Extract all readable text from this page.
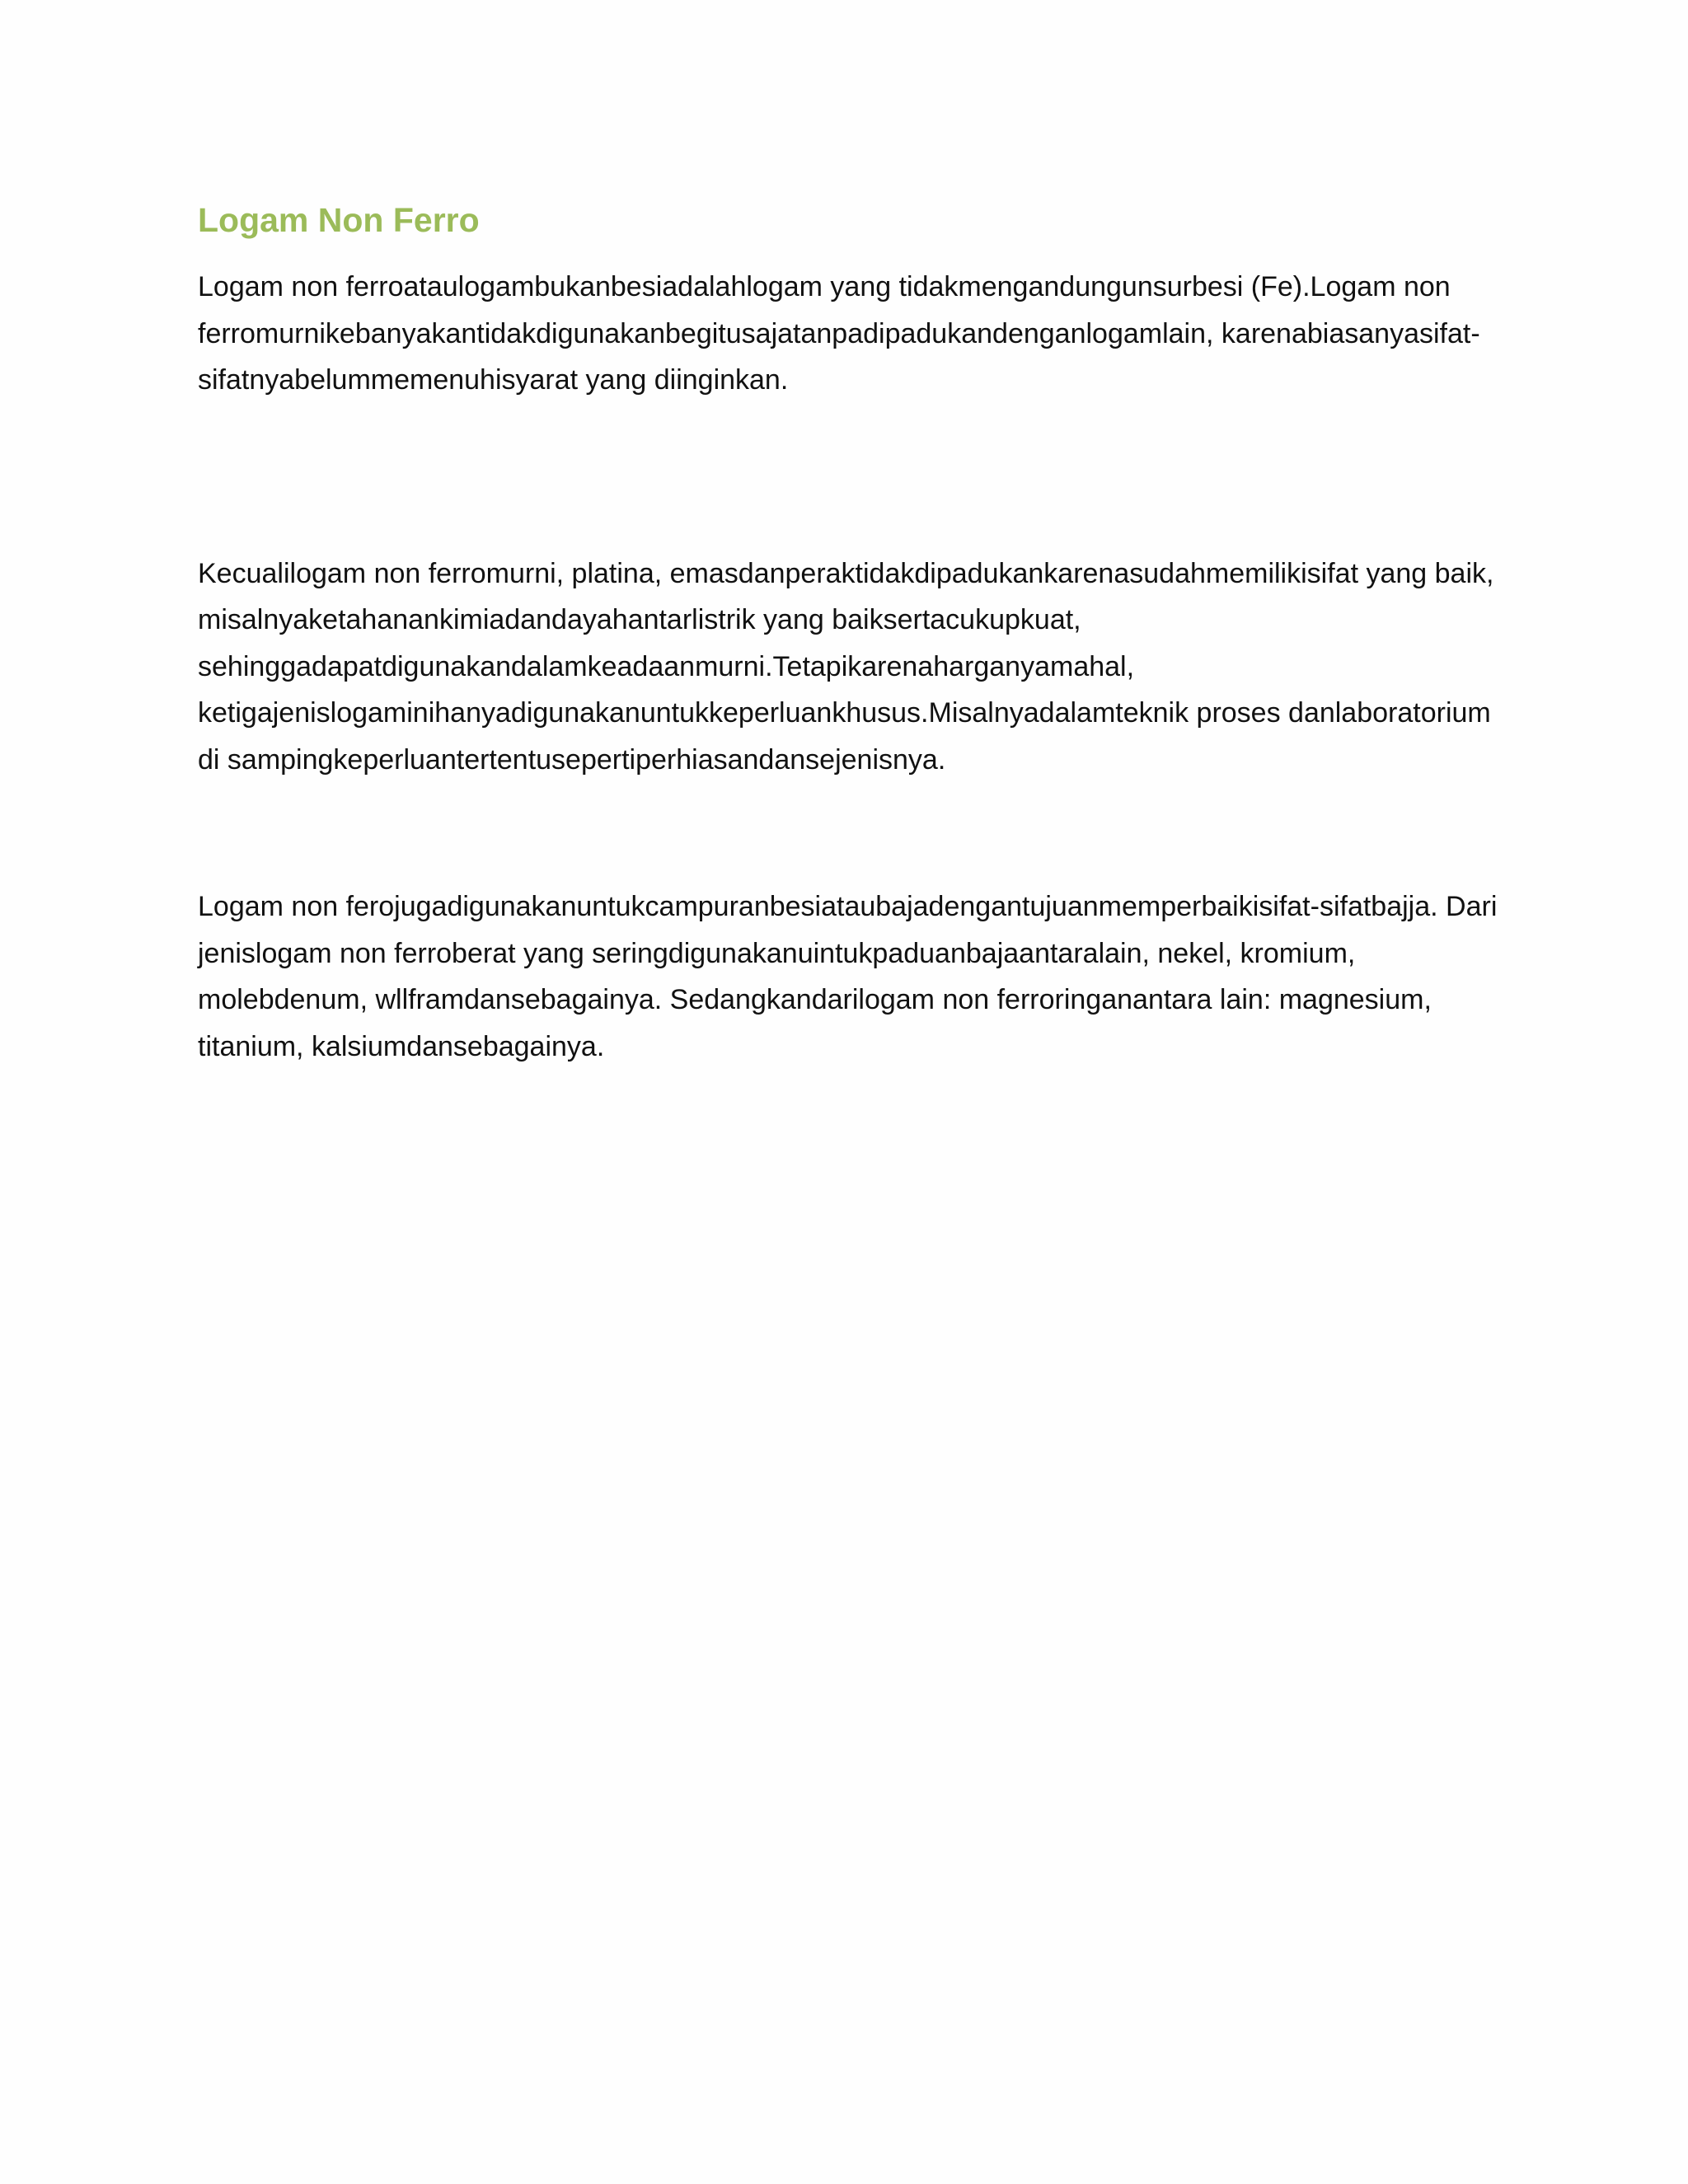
Logam Non Ferro

Logam non ferroataulogambukanbesiadalahlogam yang tidakmengandungunsurbesi (Fe).Logam non ferromurnikebanyakantidakdigunakanbegitusajatanpadipadukandenganlogamlain, karenabiasanyasifat-sifatnyabelummemenuhisyarat yang diinginkan.

Kecualilogam non ferromurni, platina, emasdanperaktidakdipadukankarenasudahmemilikisifat yang baik, misalnyaketahanankimiadandayahantarlistrik yang baiksertacukupkuat, sehinggadapatdigunakandalamkeadaanmurni.Tetapikarenaharganyamahal, ketigajenislogaminihanyadigunakanuntukkeperluankhusus.Misalnyadalamteknik proses danlaboratorium di sampingkeperluantertentusepertiperhiasandansejenisnya.

Logam non ferojugadigunakanuntukcampuranbesiataubajadengantujuanmemperbaikisifat-sifatbajja. Dari jenislogam non ferroberat yang seringdigunakanuintukpaduanbajaantaralain, nekel, kromium, molebdenum, wllframdansebagainya. Sedangkandarilogam non ferroringanantara lain: magnesium, titanium, kalsiumdansebagainya.
